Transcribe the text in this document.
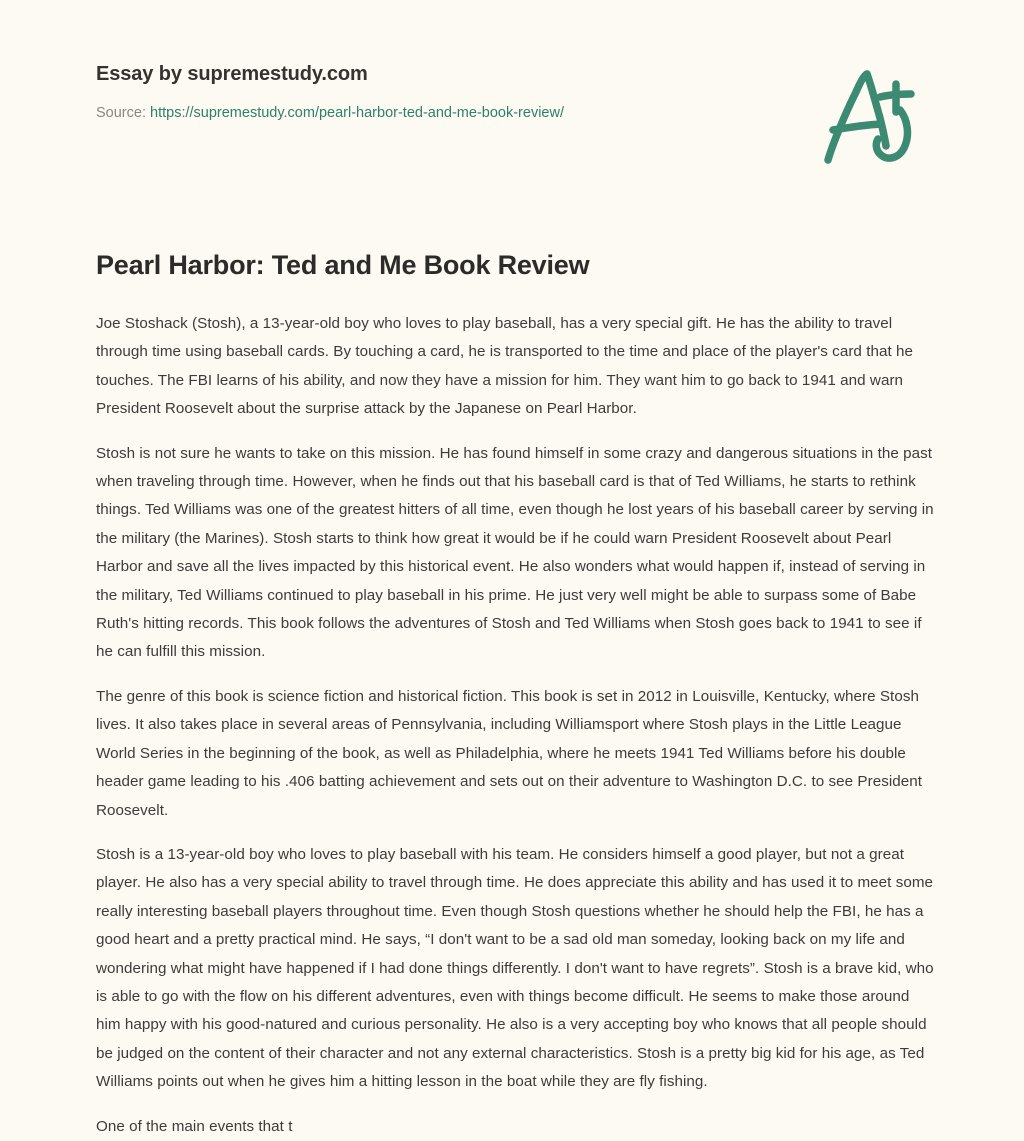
Essay by supremestudy.com
Source: https://supremestudy.com/pearl-harbor-ted-and-me-book-review/
Pearl Harbor: Ted and Me Book Review

Joe Stoshack (Stosh), a 13-year-old boy who loves to play baseball, has a very special gift. He has the ability to travel through time using baseball cards. By touching a card, he is transported to the time and place of the player's card that he touches. The FBI learns of his ability, and now they have a mission for him. They want him to go back to 1941 and warn President Roosevelt about the surprise attack by the Japanese on Pearl Harbor.

Stosh is not sure he wants to take on this mission. He has found himself in some crazy and dangerous situations in the past when traveling through time. However, when he finds out that his baseball card is that of Ted Williams, he starts to rethink things. Ted Williams was one of the greatest hitters of all time, even though he lost years of his baseball career by serving in the military (the Marines). Stosh starts to think how great it would be if he could warn President Roosevelt about Pearl Harbor and save all the lives impacted by this historical event. He also wonders what would happen if, instead of serving in the military, Ted Williams continued to play baseball in his prime. He just very well might be able to surpass some of Babe Ruth's hitting records. This book follows the adventures of Stosh and Ted Williams when Stosh goes back to 1941 to see if he can fulfill this mission.

The genre of this book is science fiction and historical fiction. This book is set in 2012 in Louisville, Kentucky, where Stosh lives. It also takes place in several areas of Pennsylvania, including Williamsport where Stosh plays in the Little League World Series in the beginning of the book, as well as Philadelphia, where he meets 1941 Ted Williams before his double header game leading to his .406 batting achievement and sets out on their adventure to Washington D.C. to see President Roosevelt.

Stosh is a 13-year-old boy who loves to play baseball with his team. He considers himself a good player, but not a great player. He also has a very special ability to travel through time. He does appreciate this ability and has used it to meet some really interesting baseball players throughout time. Even though Stosh questions whether he should help the FBI, he has a good heart and a pretty practical mind. He says, “I don't want to be a sad old man someday, looking back on my life and wondering what might have happened if I had done things differently. I don't want to have regrets”. Stosh is a brave kid, who is able to go with the flow on his different adventures, even with things become difficult. He seems to make those around him happy with his good-natured and curious personality. He also is a very accepting boy who knows that all people should be judged on the content of their character and not any external characteristics. Stosh is a pretty big kid for his age, as Ted Williams points out when he gives him a hitting lesson in the boat while they are fly fishing.

One of the main events that t
